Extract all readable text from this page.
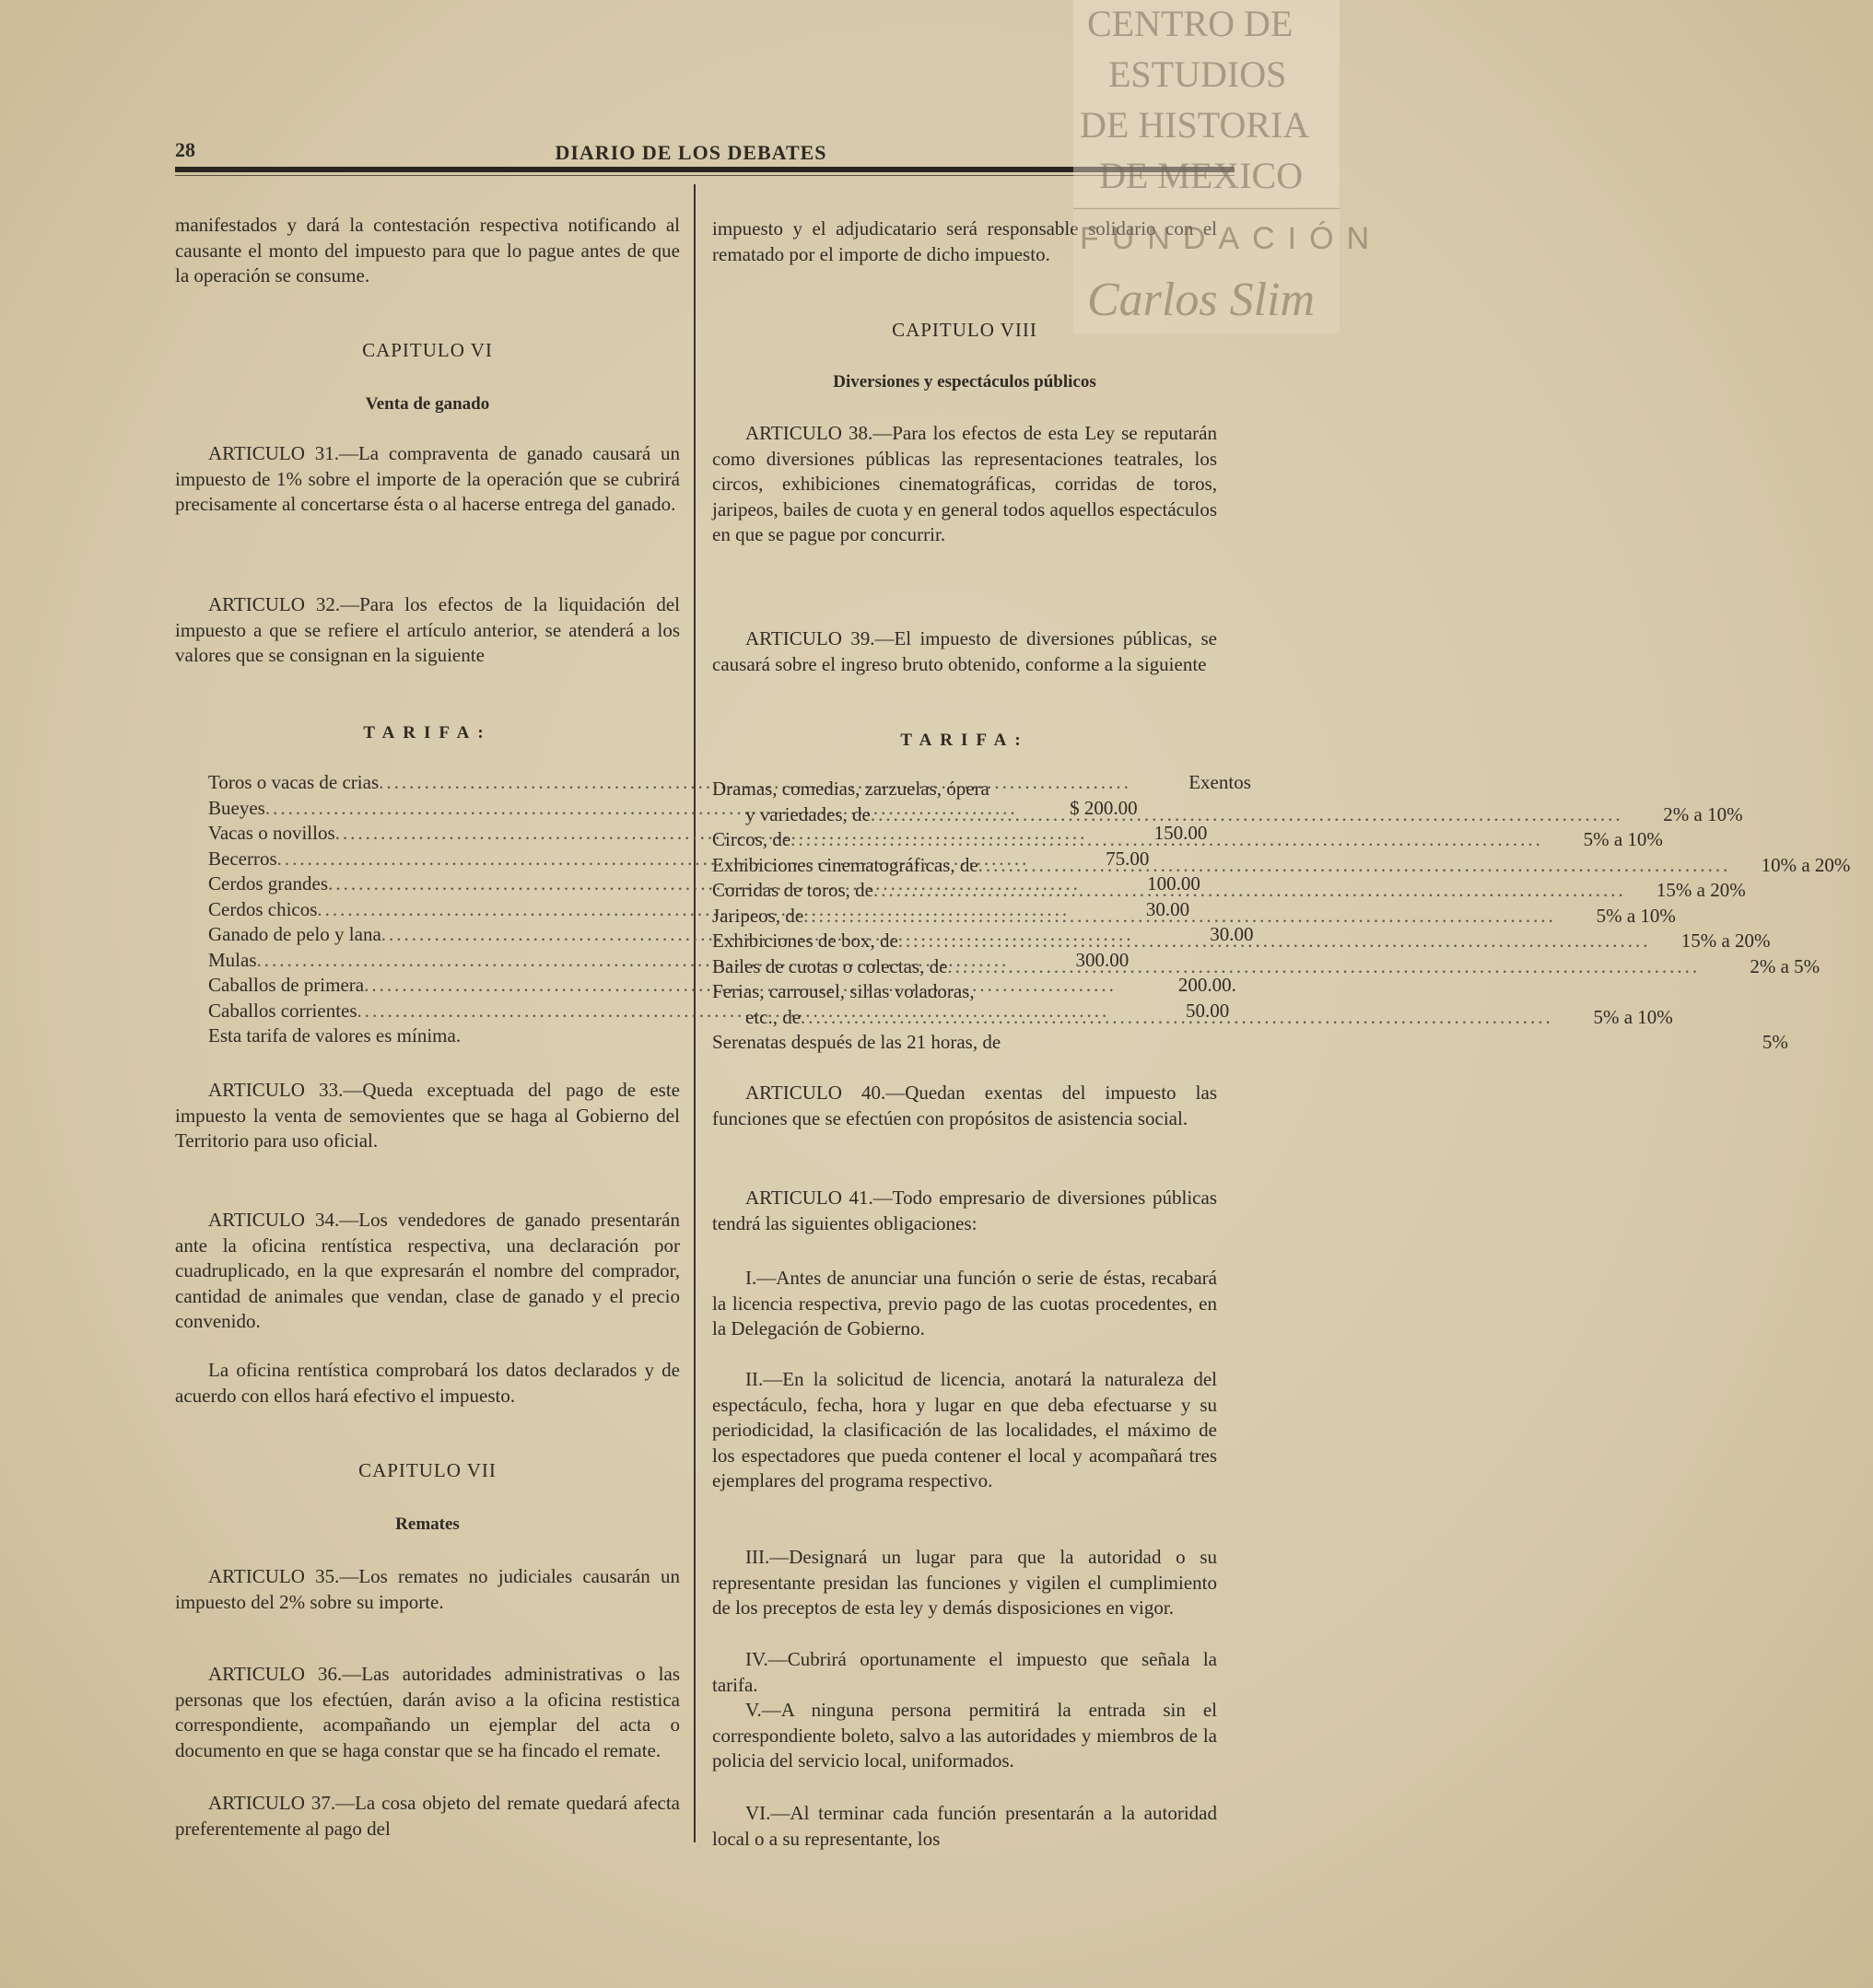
28	DIARIO DE LOS DEBATES

manifestados y dará la contestación respectiva notificando al causante el monto del impuesto para que lo pague antes de que la operación se consume.

CAPITULO VI
Venta de ganado

ARTICULO 31.—La compraventa de ganado causará un impuesto de 1% sobre el importe de la operación que se cubrirá precisamente al concertarse ésta o al hacerse entrega del ganado.

ARTICULO 32.—Para los efectos de la liquidación del impuesto a que se refiere el artículo anterior, se atenderá a los valores que se consignan en la siguiente

TARIFA:
Toros o vacas de crias .....	Exentos
Bueyes .....	$ 200.00
Vacas o novillos .....	150.00
Becerros .....	75.00
Cerdos grandes .....	100.00
Cerdos chicos .....	30.00
Ganado de pelo y lana .....	30.00
Mulas .....	300.00
Caballos de primera .....	200.00.
Caballos corrientes .....	50.00
Esta tarifa de valores es mínima.

ARTICULO 33.—Queda exceptuada del pago de este impuesto la venta de semovientes que se haga al Gobierno del Territorio para uso oficial.

ARTICULO 34.—Los vendedores de ganado presentarán ante la oficina rentística respectiva, una declaración por cuadruplicado, en la que expresarán el nombre del comprador, cantidad de animales que vendan, clase de ganado y el precio convenido.

La oficina rentística comprobará los datos declarados y de acuerdo con ellos hará efectivo el impuesto.

CAPITULO VII
Remates

ARTICULO 35.—Los remates no judiciales causarán un impuesto del 2% sobre su importe.

ARTICULO 36.—Las autoridades administrativas o las personas que los efectúen, darán aviso a la oficina restistica correspondiente, acompañando un ejemplar del acta o documento en que se haga constar que se ha fincado el remate.

ARTICULO 37.—La cosa objeto del remate quedará afecta preferentemente al pago del

impuesto y el adjudicatario será responsable solidario con el rematado por el importe de dicho impuesto.

CAPITULO VIII
Diversiones y espectáculos públicos

ARTICULO 38.—Para los efectos de esta Ley se reputarán como diversiones públicas las representaciones teatrales, los circos, exhibiciones cinematográficas, corridas de toros, jaripeos, bailes de cuota y en general todos aquellos espectáculos en que se pague por concurrir.

ARTICULO 39.—El impuesto de diversiones públicas, se causará sobre el ingreso bruto obtenido, conforme a la siguiente

TARIFA:
Dramas, comedias, zarzuelas, ópera
y variedades, de .....	2% a 10%
Circos, de .....	5% a 10%
Exhibiciones cinematográficas, de .....	10% a 20%
Corridas de toros, de .....	15% a 20%
Jaripeos, de .....	5% a 10%
Exhibiciones de box, de .....	15% a 20%
Bailes de cuotas o colectas, de .....	2% a 5%
Ferias, carrousel, sillas voladoras,
etc., de .....	5% a 10%
Serenatas después de las 21 horas, de	5%

ARTICULO 40.—Quedan exentas del impuesto las funciones que se efectúen con propósitos de asistencia social.

ARTICULO 41.—Todo empresario de diversiones públicas tendrá las siguientes obligaciones:

I.—Antes de anunciar una función o serie de éstas, recabará la licencia respectiva, previo pago de las cuotas procedentes, en la Delegación de Gobierno.

II.—En la solicitud de licencia, anotará la naturaleza del espectáculo, fecha, hora y lugar en que deba efectuarse y su periodicidad, la clasificación de las localidades, el máximo de los espectadores que pueda contener el local y acompañará tres ejemplares del programa respectivo.

III.—Designará un lugar para que la autoridad o su representante presidan las funciones y vigilen el cumplimiento de los preceptos de esta ley y demás disposiciones en vigor.

IV.—Cubrirá oportunamente el impuesto que señala la tarifa.

V.—A ninguna persona permitirá la entrada sin el correspondiente boleto, salvo a las autoridades y miembros de la policia del servicio local, uniformados.

VI.—Al terminar cada función presentarán a la autoridad local o a su representante, los

CENTRO DE
ESTUDIOS
DE HISTORIA
DE MEXICO
FUNDACIÓN
Carlos Slim
